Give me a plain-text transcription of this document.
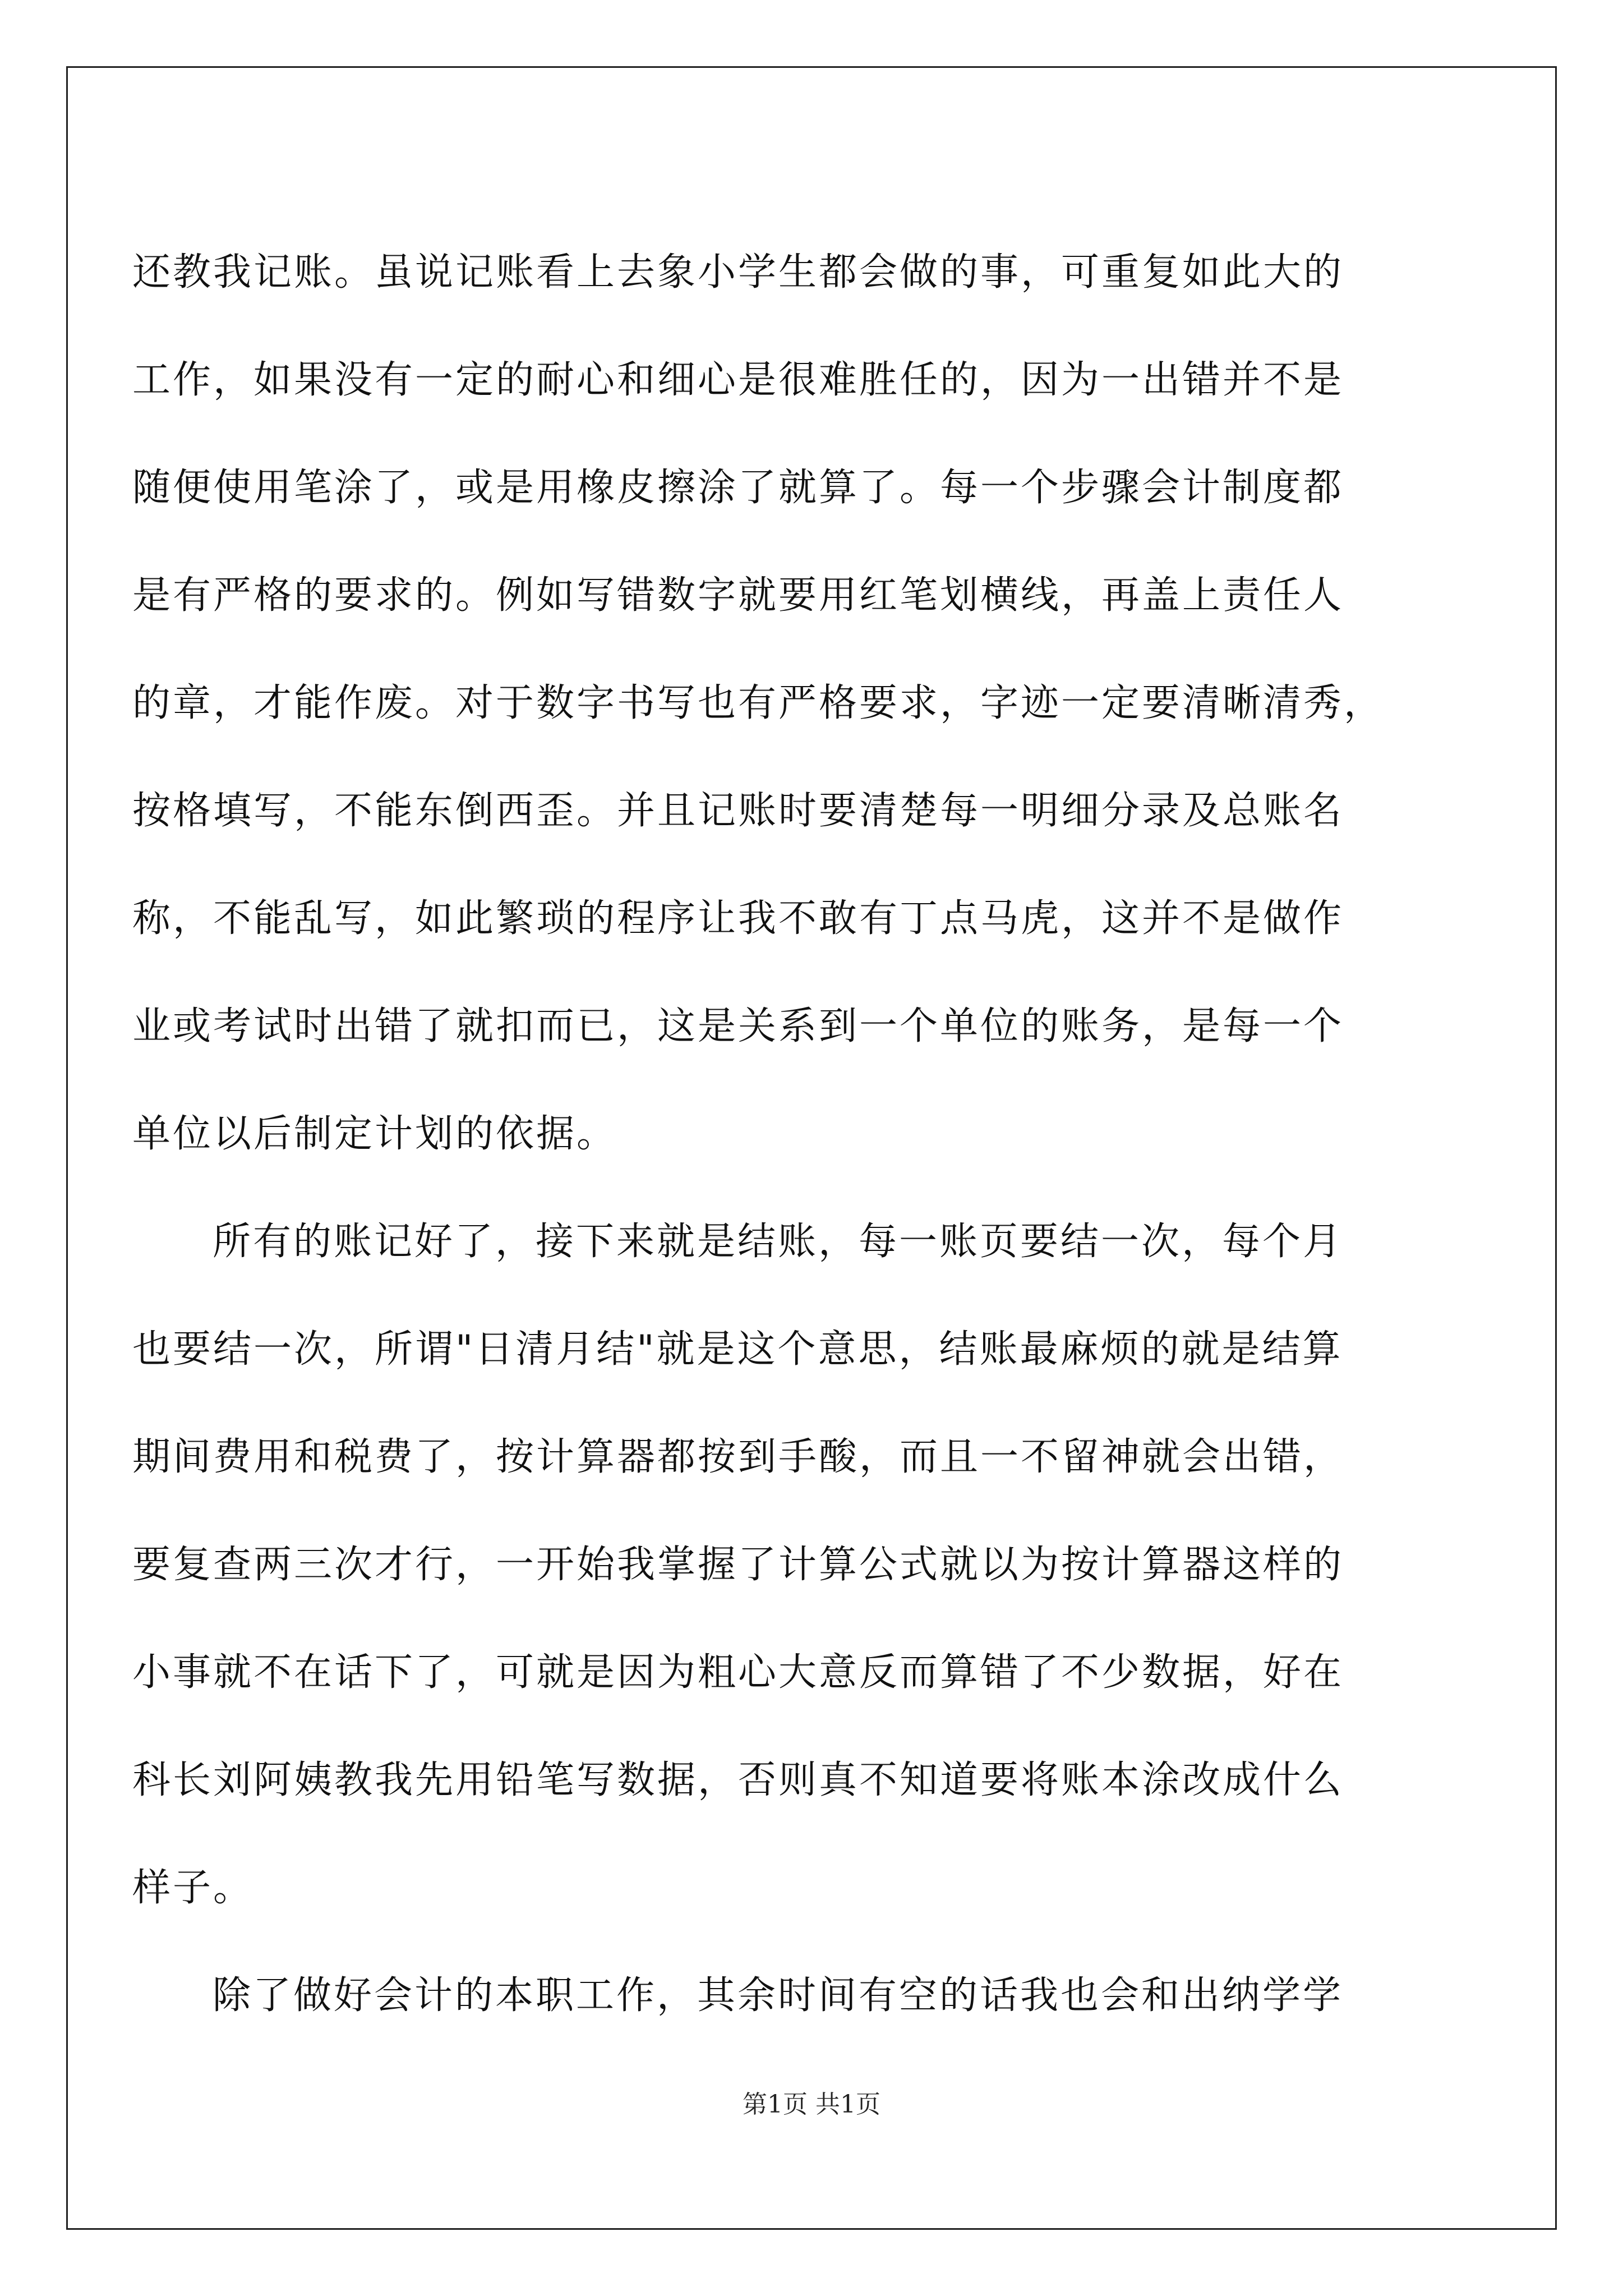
还教我记账。虽说记账看上去象小学生都会做的事，可重复如此大的
工作，如果没有一定的耐心和细心是很难胜任的，因为一出错并不是
随便使用笔涂了，或是用橡皮擦涂了就算了。每一个步骤会计制度都
是有严格的要求的。例如写错数字就要用红笔划横线，再盖上责任人
的章，才能作废。对于数字书写也有严格要求，字迹一定要清晰清秀，
按格填写，不能东倒西歪。并且记账时要清楚每一明细分录及总账名
称，不能乱写，如此繁琐的程序让我不敢有丁点马虎，这并不是做作
业或考试时出错了就扣而已，这是关系到一个单位的账务，是每一个
单位以后制定计划的依据。
所有的账记好了，接下来就是结账，每一账页要结一次，每个月
也要结一次，所谓"日清月结"就是这个意思，结账最麻烦的就是结算
期间费用和税费了，按计算器都按到手酸，而且一不留神就会出错，
要复查两三次才行，一开始我掌握了计算公式就以为按计算器这样的
小事就不在话下了，可就是因为粗心大意反而算错了不少数据，好在
科长刘阿姨教我先用铅笔写数据，否则真不知道要将账本涂改成什么
样子。
除了做好会计的本职工作，其余时间有空的话我也会和出纳学学
第1页 共1页
